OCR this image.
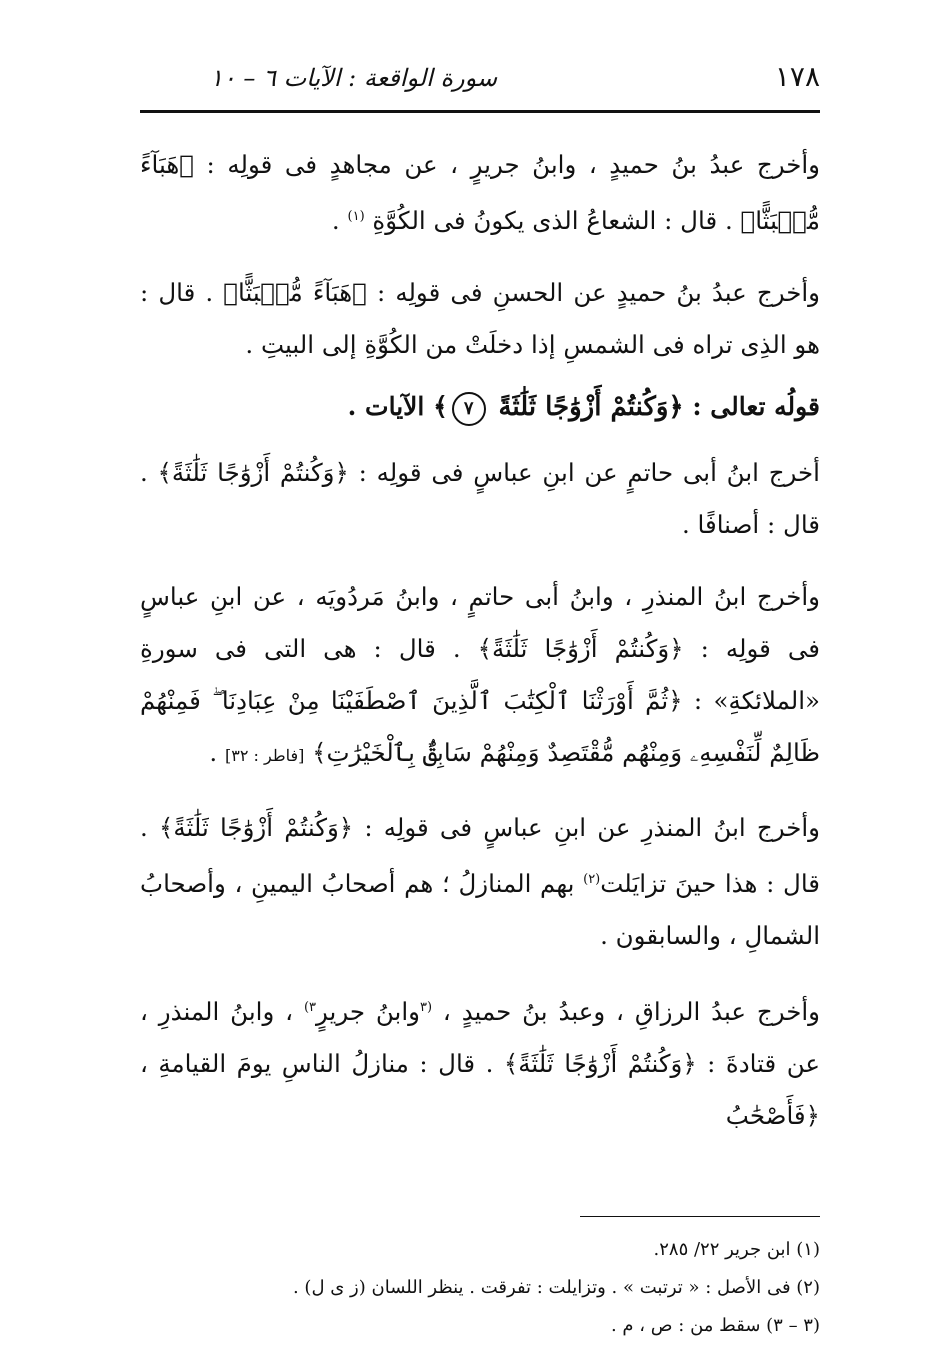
١٧٨
سورة الواقعة : الآيات ٦ – ١٠

وأخرج عبدُ بنُ حميدٍ ، وابنُ جريرٍ ، عن مجاهدٍ فى قولِه : ﴿هَبَآءً مُّنۢبَثًّا﴾ . قال : الشعاعُ الذى يكونُ فى الكُوَّةِ $^{(١)}$ .

وأخرج عبدُ بنُ حميدٍ عن الحسنِ فى قولِه : ﴿هَبَآءً مُّنۢبَثًّا﴾ . قال : هو الذِى تراه فى الشمسِ إذا دخلَتْ من الكُوَّةِ إلى البيتِ .

قولُه تعالى : ﴿وَكُنتُمْ أَزْوَٰجًا ثَلَٰثَةً ٧﴾ الآيات .

أخرج ابنُ أبى حاتمٍ عن ابنِ عباسٍ فى قولِه : ﴿وَكُنتُمْ أَزْوَٰجًا ثَلَٰثَةً﴾ . قال : أصنافًا .

وأخرج ابنُ المنذرِ ، وابنُ أبى حاتمٍ ، وابنُ مَردُويَه ، عن ابنِ عباسٍ فى قولِه : ﴿وَكُنتُمْ أَزْوَٰجًا ثَلَٰثَةً﴾ . قال : هى التى فى سورةِ «الملائكةِ» : ﴿ثُمَّ أَوْرَثْنَا ٱلْكِتَٰبَ ٱلَّذِينَ ٱصْطَفَيْنَا مِنْ عِبَادِنَا ۖ فَمِنْهُمْ ظَالِمٌ لِّنَفْسِهِۦ وَمِنْهُم مُّقْتَصِدٌ وَمِنْهُمْ سَابِقٌۢ بِٱلْخَيْرَٰتِ﴾ [فاطر : ٣٢] .

وأخرج ابنُ المنذرِ عن ابنِ عباسٍ فى قولِه : ﴿وَكُنتُمْ أَزْوَٰجًا ثَلَٰثَةً﴾ . قال : هذا حينَ تزايَلت$^{(٢)}$ بهم المنازلُ ؛ هم أصحابُ اليمينِ ، وأصحابُ الشمالِ ، والسابقون .

وأخرج عبدُ الرزاقِ ، وعبدُ بنُ حميدٍ ، $^{(٣}$وابنُ جريرٍ$^{٣)}$ ، وابنُ المنذرِ ، عن قتادةَ : ﴿وَكُنتُمْ أَزْوَٰجًا ثَلَٰثَةً﴾ . قال : منازلُ الناسِ يومَ القيامةِ ، ﴿فَأَصْحَٰبُ

(١) ابن جرير ٢٢/ ٢٨٥.
(٢) فى الأصل : « ترتبت » . وتزايلت : تفرقت . ينظر اللسان (ز ى ل) .
(٣ – ٣) سقط من : ص ، م .
